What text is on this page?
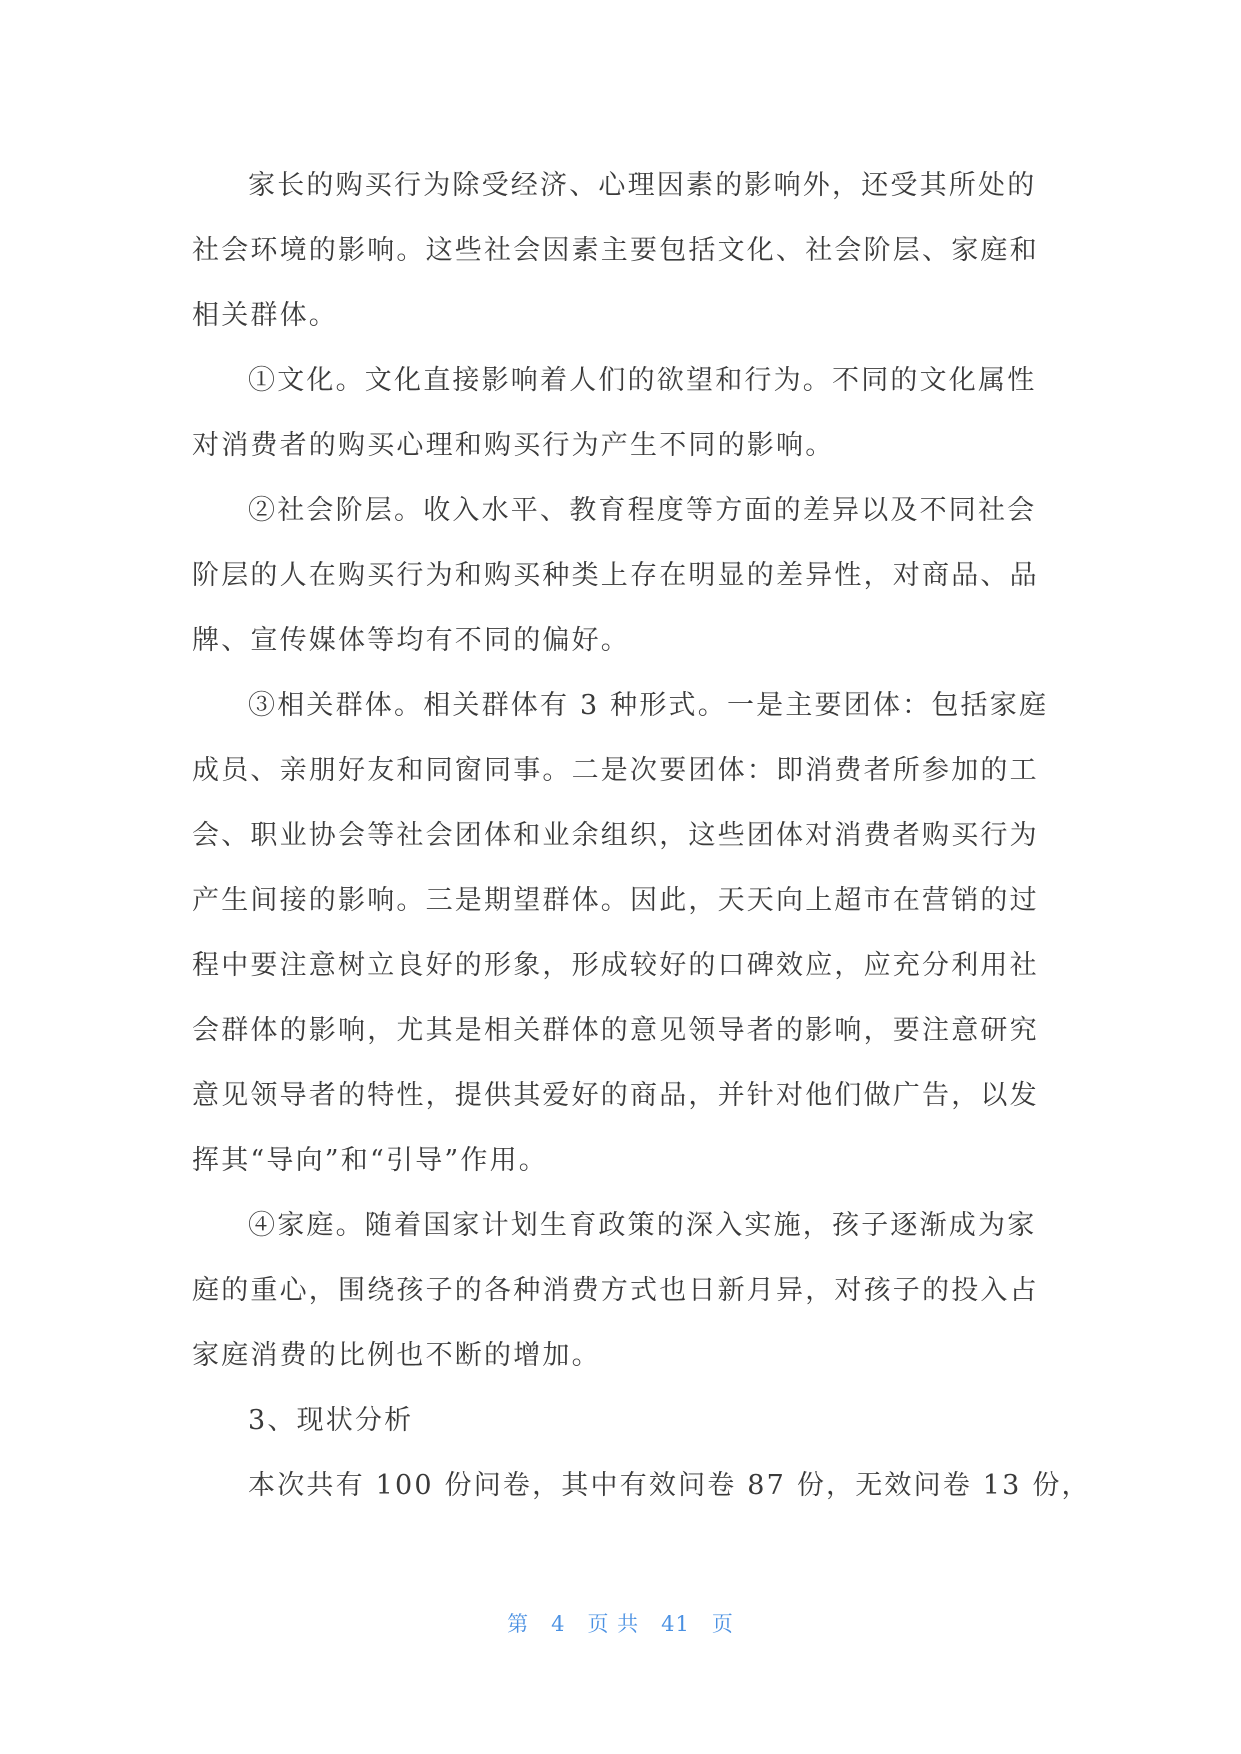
家长的购买行为除受经济、心理因素的影响外，还受其所处的
社会环境的影响。这些社会因素主要包括文化、社会阶层、家庭和
相关群体。
①文化。文化直接影响着人们的欲望和行为。不同的文化属性
对消费者的购买心理和购买行为产生不同的影响。
②社会阶层。收入水平、教育程度等方面的差异以及不同社会
阶层的人在购买行为和购买种类上存在明显的差异性，对商品、品
牌、宣传媒体等均有不同的偏好。
③相关群体。相关群体有 3 种形式。一是主要团体：包括家庭
成员、亲朋好友和同窗同事。二是次要团体：即消费者所参加的工
会、职业协会等社会团体和业余组织，这些团体对消费者购买行为
产生间接的影响。三是期望群体。因此，天天向上超市在营销的过
程中要注意树立良好的形象，形成较好的口碑效应，应充分利用社
会群体的影响，尤其是相关群体的意见领导者的影响，要注意研究
意见领导者的特性，提供其爱好的商品，并针对他们做广告，以发
挥其“导向”和“引导”作用。
④家庭。随着国家计划生育政策的深入实施，孩子逐渐成为家
庭的重心，围绕孩子的各种消费方式也日新月异，对孩子的投入占
家庭消费的比例也不断的增加。
3、现状分析
本次共有 100 份问卷，其中有效问卷 87 份，无效问卷 13 份，
第 4 页 共 41 页
